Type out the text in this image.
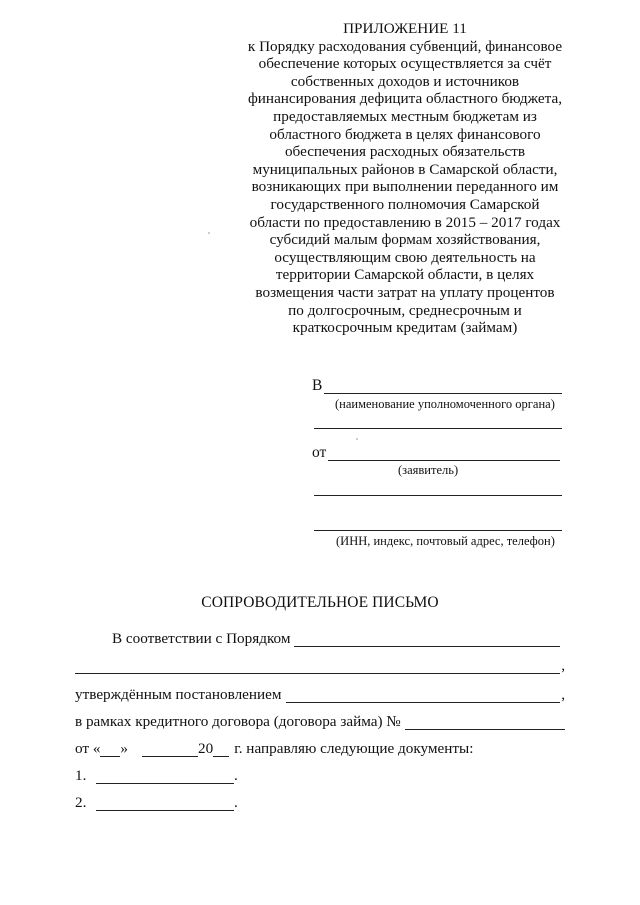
ПРИЛОЖЕНИЕ 11
к Порядку расходования субвенций, финансовое
обеспечение которых осуществляется за счёт
собственных доходов и источников
финансирования дефицита областного бюджета,
предоставляемых местным бюджетам из
областного бюджета в целях финансового
обеспечения расходных обязательств
муниципальных районов в Самарской области,
возникающих при выполнении переданного им
государственного полномочия Самарской
области по предоставлению в 2015 – 2017 годах
субсидий малым формам хозяйствования,
осуществляющим свою деятельность на
территории Самарской области, в целях
возмещения части затрат на уплату процентов
по долгосрочным, среднесрочным и
краткосрочным кредитам (займам)
В
(наименование уполномоченного органа)
от
(заявитель)
(ИНН, индекс, почтовый адрес, телефон)
СОПРОВОДИТЕЛЬНОЕ ПИСЬМО
В соответствии с Порядком
,
утверждённым постановлением	,
в рамках кредитного договора (договора займа) №
от « »	20 г. направляю следующие документы:
1.	.
2.	.
